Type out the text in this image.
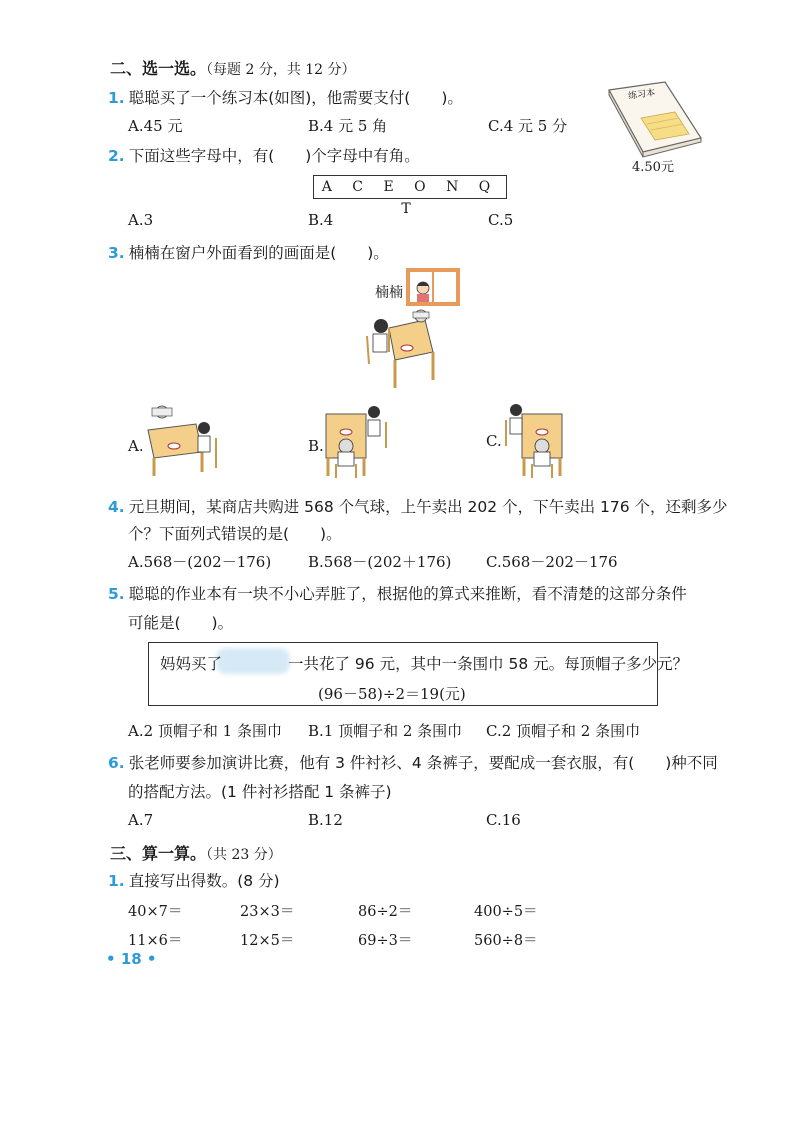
二、选一选。（每题 2 分，共 12 分）
1. 聪聪买了一个练习本(如图)，他需要支付(　　)。
A.45 元	B.4 元 5 角	C.4 元 5 分
练习本
4.50元
2. 下面这些字母中，有(　　)个字母中有角。
A C E O N Q T
A.3	B.4	C.5
3. 楠楠在窗户外面看到的画面是(　　)。
楠楠
A.	B.	C.
4. 元旦期间，某商店共购进 568 个气球，上午卖出 202 个，下午卖出 176 个，还剩多少
个？下面列式错误的是(　　)。
A.568－(202－176) B.568－(202＋176) C.568－202－176
5. 聪聪的作业本有一块不小心弄脏了，根据他的算式来推断，看不清楚的这部分条件
可能是(　　)。
妈妈买了	一共花了 96 元，其中一条围巾 58 元。每顶帽子多少元？
(96－58)÷2＝19(元)
A.2 顶帽子和 1 条围巾 B.1 顶帽子和 2 条围巾 C.2 顶帽子和 2 条围巾
6. 张老师要参加演讲比赛，他有 3 件衬衫、4 条裤子，要配成一套衣服，有(　　)种不同
的搭配方法。(1 件衬衫搭配 1 条裤子)
A.7	B.12	C.16
三、算一算。（共 23 分）
1. 直接写出得数。(8 分)
40×7＝	23×3＝	86÷2＝	400÷5＝
11×6＝	12×5＝	69÷3＝	560÷8＝
• 18 •
